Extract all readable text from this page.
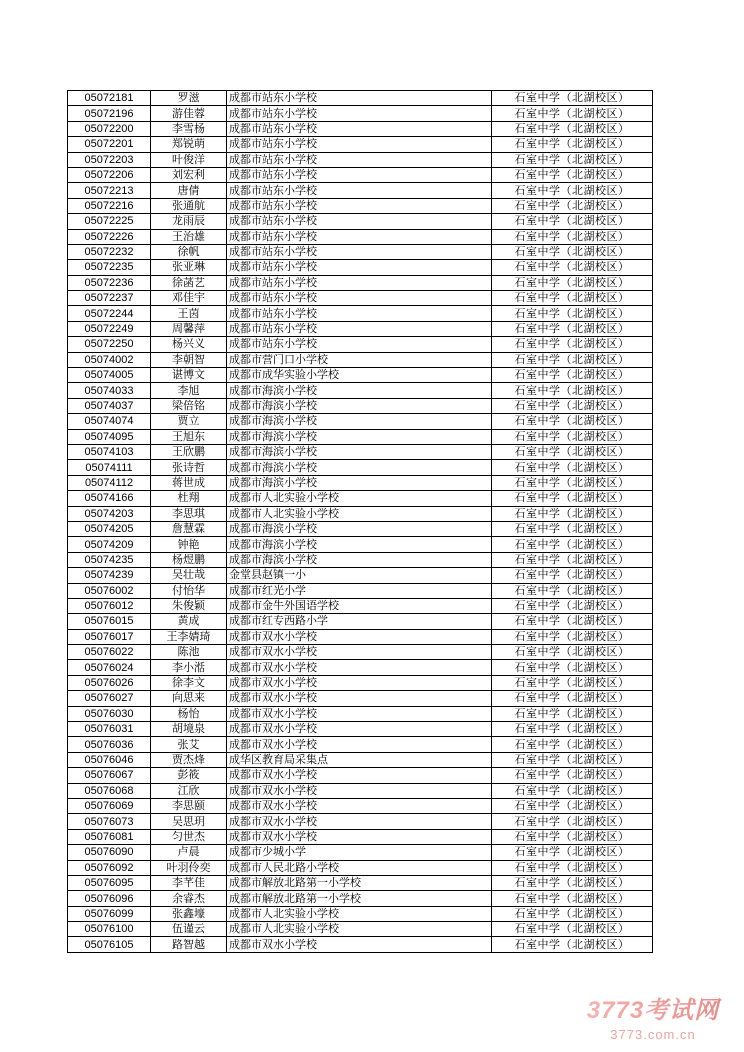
05072181	罗滋	成都市站东小学校	石室中学（北湖校区）
05072196	游佳蓉	成都市站东小学校	石室中学（北湖校区）
05072200	李雪杨	成都市站东小学校	石室中学（北湖校区）
05072201	郑锐萌	成都市站东小学校	石室中学（北湖校区）
05072203	叶俊洋	成都市站东小学校	石室中学（北湖校区）
05072206	刘宏利	成都市站东小学校	石室中学（北湖校区）
05072213	唐倩	成都市站东小学校	石室中学（北湖校区）
05072216	张通航	成都市站东小学校	石室中学（北湖校区）
05072225	龙雨辰	成都市站东小学校	石室中学（北湖校区）
05072226	王治雄	成都市站东小学校	石室中学（北湖校区）
05072232	徐帆	成都市站东小学校	石室中学（北湖校区）
05072235	张亚琳	成都市站东小学校	石室中学（北湖校区）
05072236	徐菡艺	成都市站东小学校	石室中学（北湖校区）
05072237	邓佳宇	成都市站东小学校	石室中学（北湖校区）
05072244	王茵	成都市站东小学校	石室中学（北湖校区）
05072249	周馨萍	成都市站东小学校	石室中学（北湖校区）
05072250	杨兴义	成都市站东小学校	石室中学（北湖校区）
05074002	李朝智	成都市营门口小学校	石室中学（北湖校区）
05074005	谌博文	成都市成华实验小学校	石室中学（北湖校区）
05074033	李旭	成都市海滨小学校	石室中学（北湖校区）
05074037	梁倍铭	成都市海滨小学校	石室中学（北湖校区）
05074074	贾立	成都市海滨小学校	石室中学（北湖校区）
05074095	王旭东	成都市海滨小学校	石室中学（北湖校区）
05074103	王欣鹏	成都市海滨小学校	石室中学（北湖校区）
05074111	张诗哲	成都市海滨小学校	石室中学（北湖校区）
05074112	蒋世成	成都市海滨小学校	石室中学（北湖校区）
05074166	杜翔	成都市人北实验小学校	石室中学（北湖校区）
05074203	李思琪	成都市人北实验小学校	石室中学（北湖校区）
05074205	詹慧霖	成都市海滨小学校	石室中学（北湖校区）
05074209	钟艳	成都市海滨小学校	石室中学（北湖校区）
05074235	杨煜鹏	成都市海滨小学校	石室中学（北湖校区）
05074239	吴壮哉	金堂县赵镇一小	石室中学（北湖校区）
05076002	付怡华	成都市红光小学	石室中学（北湖校区）
05076012	朱俊颖	成都市金牛外国语学校	石室中学（北湖校区）
05076015	黄成	成都市红专西路小学	石室中学（北湖校区）
05076017	王李婧琦	成都市双水小学校	石室中学（北湖校区）
05076022	陈池	成都市双水小学校	石室中学（北湖校区）
05076024	李小湉	成都市双水小学校	石室中学（北湖校区）
05076026	徐李文	成都市双水小学校	石室中学（北湖校区）
05076027	向思来	成都市双水小学校	石室中学（北湖校区）
05076030	杨怡	成都市双水小学校	石室中学（北湖校区）
05076031	胡境泉	成都市双水小学校	石室中学（北湖校区）
05076036	张艾	成都市双水小学校	石室中学（北湖校区）
05076046	贾杰烽	成华区教育局采集点	石室中学（北湖校区）
05076067	彭筱	成都市双水小学校	石室中学（北湖校区）
05076068	江欣	成都市双水小学校	石室中学（北湖校区）
05076069	李思颐	成都市双水小学校	石室中学（北湖校区）
05076073	吴思玥	成都市双水小学校	石室中学（北湖校区）
05076081	匀世杰	成都市双水小学校	石室中学（北湖校区）
05076090	卢晨	成都市少城小学	石室中学（北湖校区）
05076092	叶羽伶奕	成都市人民北路小学校	石室中学（北湖校区）
05076095	李芊佳	成都市解放北路第一小学校	石室中学（北湖校区）
05076096	余睿杰	成都市解放北路第一小学校	石室中学（北湖校区）
05076099	张鑫壕	成都市人北实验小学校	石室中学（北湖校区）
05076100	伍谨云	成都市人北实验小学校	石室中学（北湖校区）
05076105	路智越	成都市双水小学校	石室中学（北湖校区）
3773考试网
3773.com.cn
